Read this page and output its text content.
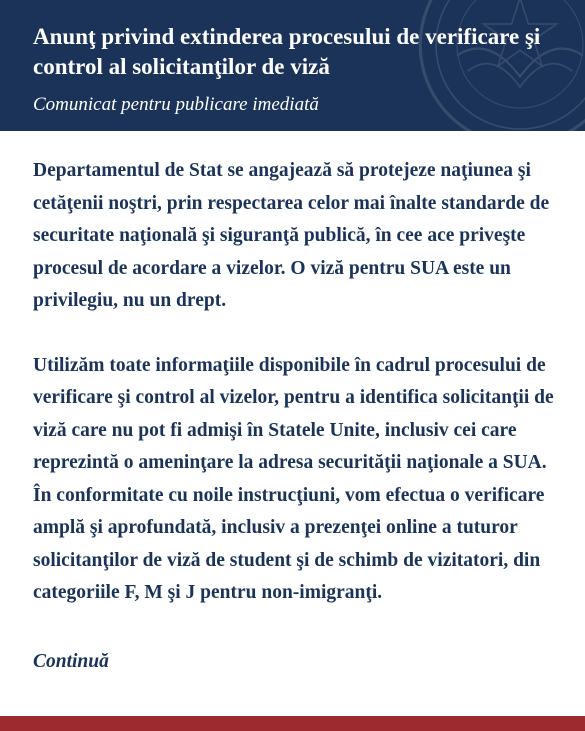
Anunţ privind extinderea procesului de verificare şi control al solicitanţilor de viză

Comunicat pentru publicare imediată

Departamentul de Stat se angajează să protejeze naţiunea şi cetăţenii noştri, prin respectarea celor mai înalte standarde de securitate naţională şi siguranţă publică, în cee ace priveşte procesul de acordare a vizelor. O viză pentru SUA este un privilegiu, nu un drept.

Utilizăm toate informaţiile disponibile în cadrul procesului de verificare şi control al vizelor, pentru a identifica solicitanţii de viză care nu pot fi admişi în Statele Unite, inclusiv cei care reprezintă o ameninţare la adresa securităţii naţionale a SUA. În conformitate cu noile instrucţiuni, vom efectua o verificare amplă şi aprofundată, inclusiv a prezenţei online a tuturor solicitanţilor de viză de student şi de schimb de vizitatori, din categoriile F, M şi J pentru non-imigranţi.

Continuă
